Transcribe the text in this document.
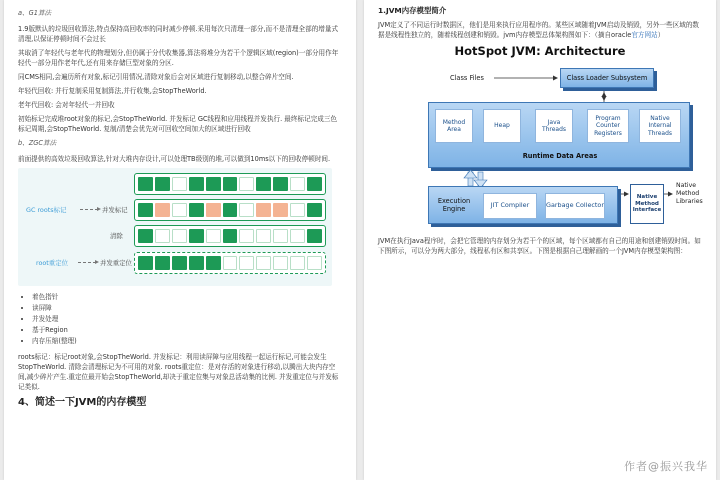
a、G1算法

1.9版默认的垃圾回收算法,特点保持高回收率的同时减少停顿.采用每次只清理一部分,而不是清理全部的增量式清理,以保证停顿时间不会过长

其取消了年轻代与老年代的物理划分,但仍属于分代收集器,算法将堆分为若干个逻辑区域(region)一部分用作年轻代一部分用作老年代,还有用来存储巨型对象的分区.

同CMS相同,会遍历所有对象,标记引用情况,清除对象后会对区域进行复制移动,以整合碎片空间.

年轻代回收: 并行复制采用复制算法,并行收集,会StopTheWorld.

老年代回收: 会对年轻代一并回收

初始标记完成堆root对象的标记,会StopTheWorld. 并发标记 GC线程和应用线程并发执行. 最终标记完成三色标记周期,会StopTheWorld. 复制/清楚会优先对可回收空间加大的区域进行回收

b、ZGC算法

前面提供的高效垃圾回收算法,针对大堆内存设计,可以处理TB级别的堆,可以做到10ms以下的回收停顿时间.

GC roots标记	并发标记
清除
root重定位	并发重定位
• 着色指针
• 读屏障
• 并发处理
• 基于Region
• 内存压缩(整理)

roots标记：标记root对象,会StopTheWorld. 并发标记：利用读屏障与应用线程一起运行标记,可能会发生StopTheWorld. 清除会清理标记为不可用的对象. roots重定位：是对存活的对象进行移动,以腾出大块内存空间,减少碎片产生.重定位最开始会StopTheWorld,却决于重定位集与对象总活动集的比例. 并发重定位与并发标记类似.

4、简述一下JVM的内存模型

1.JVM内存模型简介

JVM定义了不同运行时数据区，他们是用来执行应用程序的。某些区域随着JVM启动及销毁，另外一些区域的数据是线程性独立的，随着线程创建和销毁。jvm内存模型总体架构图如下：（摘自oracle官方网站）

HotSpot JVM: Architecture
Class Files	Class Loader Subsystem
Method Area
Heap
Java Threads
Program Counter Registers
Native Internal Threads
Runtime Data Areas
Execution Engine	JIT Compiler	Garbage Collector
Native Method Interface
Native Method Libraries

JVM在执行Java程序时，会把它管理的内存划分为若干个的区域，每个区域都有自己的用途和创建销毁时间。如下图所示，可以分为两大部分，线程私有区和共享区。下图是根据自己理解画的一个JVM内存模型架构图：

作者@振兴我华
